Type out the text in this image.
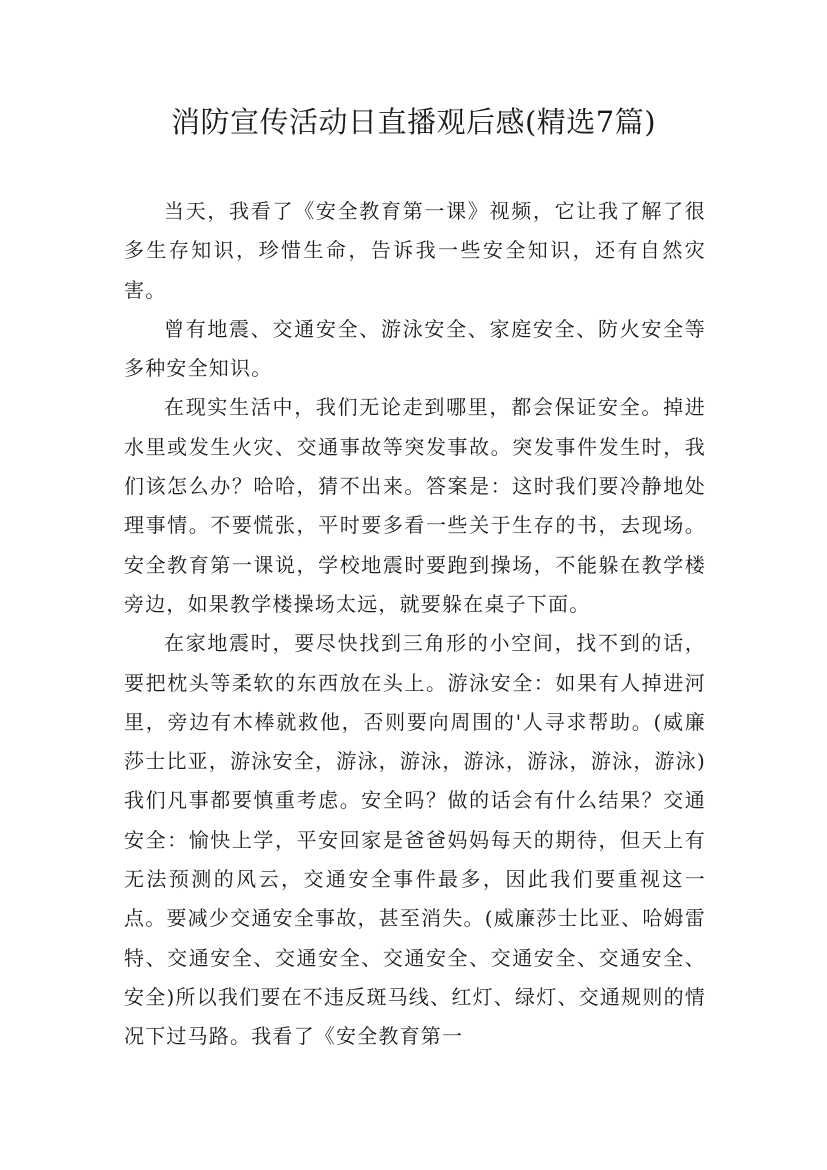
消防宣传活动日直播观后感(精选7篇)

当天，我看了《安全教育第一课》视频，它让我了解了很多生存知识，珍惜生命，告诉我一些安全知识，还有自然灾害。

曾有地震、交通安全、游泳安全、家庭安全、防火安全等多种安全知识。

在现实生活中，我们无论走到哪里，都会保证安全。掉进水里或发生火灾、交通事故等突发事故。突发事件发生时，我们该怎么办？哈哈，猜不出来。答案是：这时我们要冷静地处理事情。不要慌张，平时要多看一些关于生存的书，去现场。安全教育第一课说，学校地震时要跑到操场，不能躲在教学楼旁边，如果教学楼操场太远，就要躲在桌子下面。

在家地震时，要尽快找到三角形的小空间，找不到的话，要把枕头等柔软的东西放在头上。游泳安全：如果有人掉进河里，旁边有木棒就救他，否则要向周围的'人寻求帮助。(威廉莎士比亚，游泳安全，游泳，游泳，游泳，游泳，游泳，游泳)我们凡事都要慎重考虑。安全吗？做的话会有什么结果？交通安全：愉快上学，平安回家是爸爸妈妈每天的期待，但天上有无法预测的风云，交通安全事件最多，因此我们要重视这一点。要减少交通安全事故，甚至消失。(威廉莎士比亚、哈姆雷特、交通安全、交通安全、交通安全、交通安全、交通安全、安全)所以我们要在不违反斑马线、红灯、绿灯、交通规则的情况下过马路。我看了《安全教育第一
